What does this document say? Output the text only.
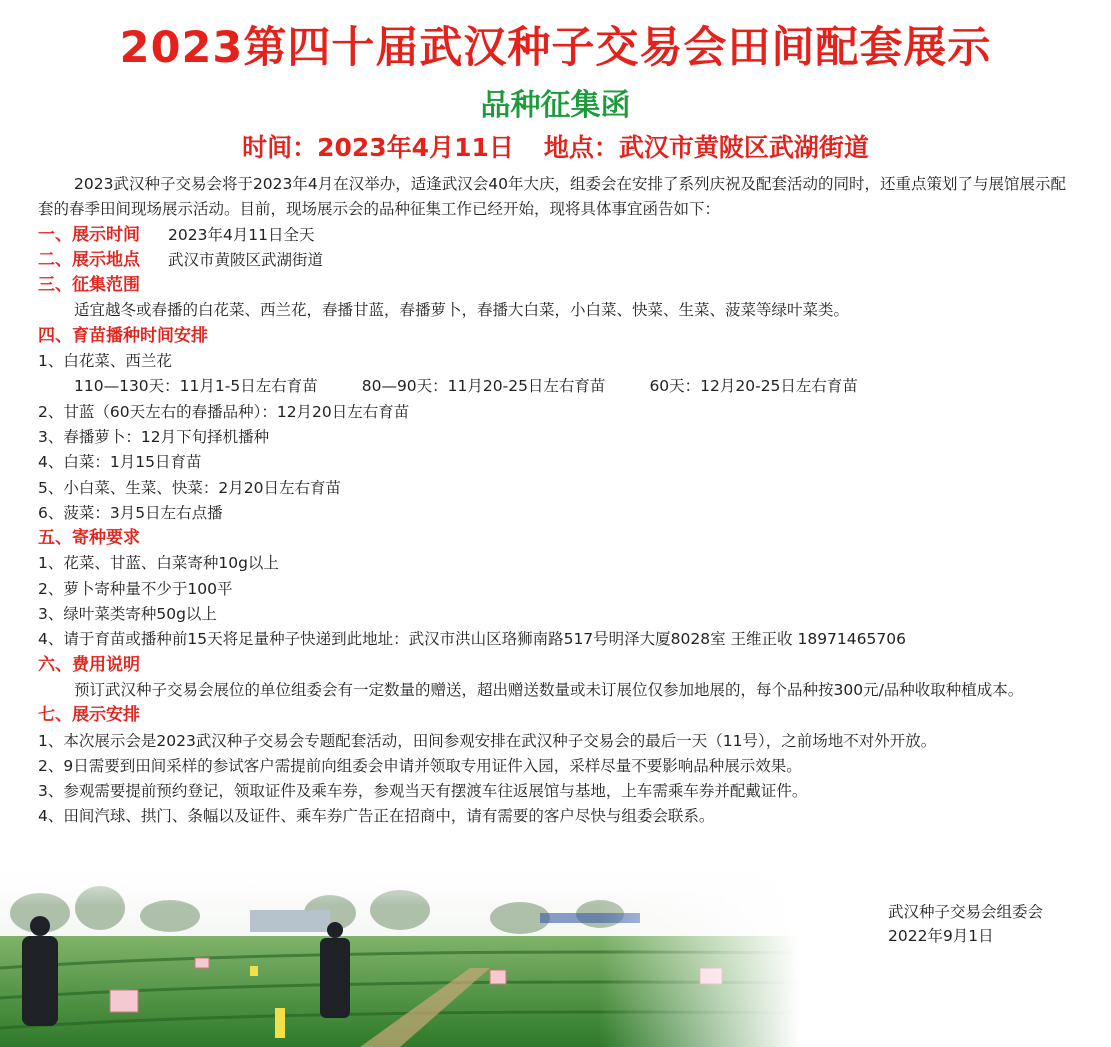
2023第四十届武汉种子交易会田间配套展示
品种征集函
时间：2023年4月11日 地点：武汉市黄陂区武湖街道

2023武汉种子交易会将于2023年4月在汉举办，适逢武汉会40年大庆，组委会在安排了系列庆祝及配套活动的同时，还重点策划了与展馆展示配套的春季田间现场展示活动。目前，现场展示会的品种征集工作已经开始，现将具体事宜函告如下：

一、展示时间 2023年4月11日全天
二、展示地点 武汉市黄陂区武湖街道
三、征集范围

适宜越冬或春播的白花菜、西兰花，春播甘蓝，春播萝卜，春播大白菜，小白菜、快菜、生菜、菠菜等绿叶菜类。

四、育苗播种时间安排

1、白花菜、西兰花

110—130天：11月1-5日左右育苗	80—90天：11月20-25日左右育苗	60天：12月20-25日左右育苗

2、甘蓝（60天左右的春播品种）：12月20日左右育苗

3、春播萝卜：12月下旬择机播种

4、白菜：1月15日育苗

5、小白菜、生菜、快菜：2月20日左右育苗

6、菠菜：3月5日左右点播

五、寄种要求

1、花菜、甘蓝、白菜寄种10g以上

2、萝卜寄种量不少于100平

3、绿叶菜类寄种50g以上

4、请于育苗或播种前15天将足量种子快递到此地址：武汉市洪山区珞狮南路517号明泽大厦8028室 王维正收 18971465706

六、费用说明

预订武汉种子交易会展位的单位组委会有一定数量的赠送，超出赠送数量或未订展位仅参加地展的，每个品种按300元/品种收取种植成本。

七、展示安排

1、本次展示会是2023武汉种子交易会专题配套活动，田间参观安排在武汉种子交易会的最后一天（11号），之前场地不对外开放。

2、9日需要到田间采样的参试客户需提前向组委会申请并领取专用证件入园，采样尽量不要影响品种展示效果。

3、参观需要提前预约登记，领取证件及乘车券，参观当天有摆渡车往返展馆与基地，上车需乘车券并配戴证件。

4、田间汽球、拱门、条幅以及证件、乘车券广告正在招商中，请有需要的客户尽快与组委会联系。

武汉种子交易会组委会
2022年9月1日
